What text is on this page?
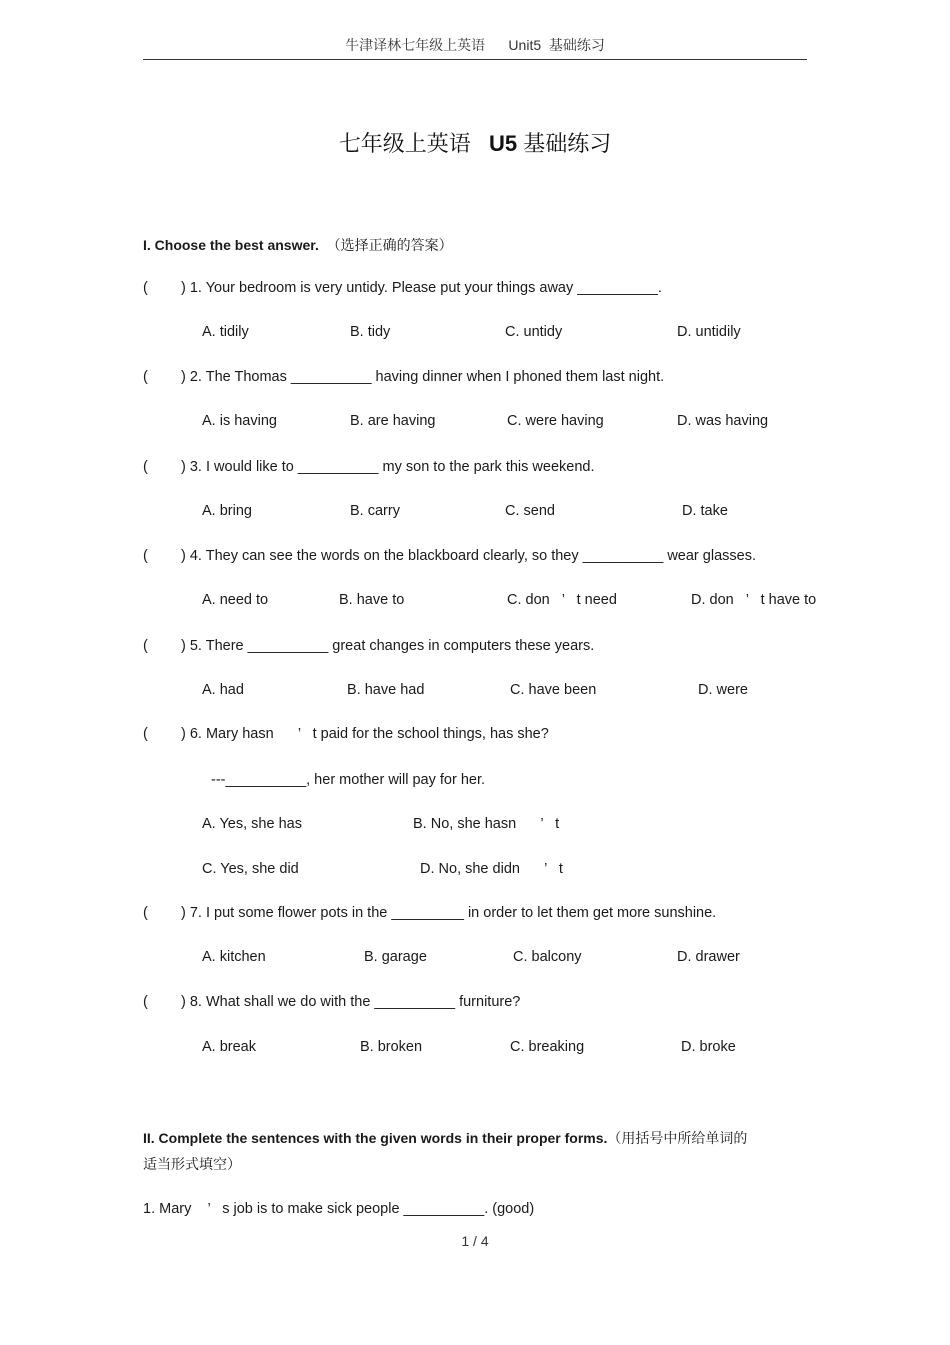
牛津译林七年级上英语      Unit5  基础练习
七年级上英语 U5 基础练习
I. Choose the best answer. （选择正确的答案）
( ) 1. Your bedroom is very untidy. Please put your things away __________.
A. tidily	B. tidy	C. untidy	D. untidily
( ) 2. The Thomas __________ having dinner when I phoned them last night.
A. is having	B. are having	C. were having	D. was having
( ) 3. I would like to __________ my son to the park this weekend.
A. bring	B. carry	C. send	D. take
( ) 4. They can see the words on the blackboard clearly, so they __________ wear glasses.
A. need to	B. have to	C. don   ’   t need	D. don   ’   t have to
( ) 5. There __________ great changes in computers these years.
A. had	B. have had	C. have been	D. were
( ) 6. Mary hasn      ’   t paid for the school things, has she?
---__________, her mother will pay for her.
A. Yes, she has	B. No, she hasn      ’   t
C. Yes, she did	D. No, she didn      ’   t
( ) 7. I put some flower pots in the _________ in order to let them get more sunshine.
A. kitchen	B. garage	C. balcony	D. drawer
( ) 8. What shall we do with the __________ furniture?
A. break	B. broken	C. breaking	D. broke
II. Complete the sentences with the given words in their proper forms.（用括号中所给单词的
适当形式填空）
1. Mary    ’   s job is to make sick people __________. (good)
1 / 4
